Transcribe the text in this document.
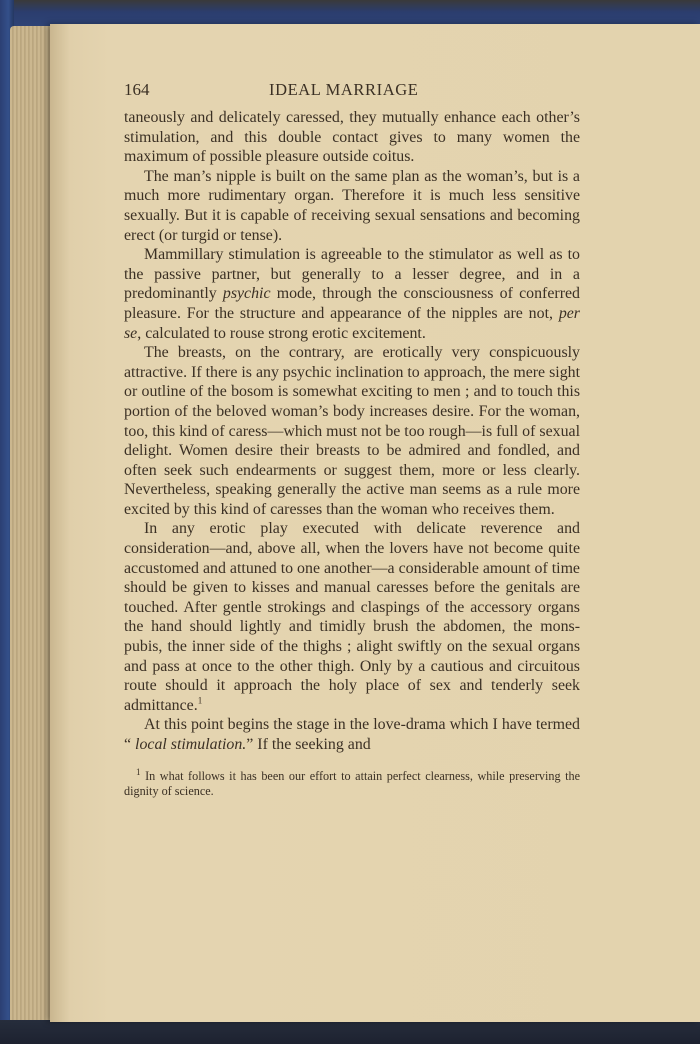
164	IDEAL MARRIAGE

taneously and delicately caressed, they mutually enhance each other’s stimulation, and this double contact gives to many women the maximum of possible pleasure outside coitus.

The man’s nipple is built on the same plan as the woman’s, but is a much more rudimentary organ. Therefore it is much less sensitive sexually. But it is capable of receiving sexual sensations and becoming erect (or turgid or tense).

Mammillary stimulation is agreeable to the stimulator as well as to the passive partner, but generally to a lesser degree, and in a predominantly psychic mode, through the consciousness of conferred pleasure. For the structure and appearance of the nipples are not, per se, calculated to rouse strong erotic excitement.

The breasts, on the contrary, are erotically very conspicuously attractive. If there is any psychic inclination to approach, the mere sight or outline of the bosom is somewhat exciting to men ; and to touch this portion of the beloved woman’s body increases desire. For the woman, too, this kind of caress—which must not be too rough—is full of sexual delight. Women desire their breasts to be admired and fondled, and often seek such endearments or suggest them, more or less clearly. Nevertheless, speaking generally the active man seems as a rule more excited by this kind of caresses than the woman who receives them.

In any erotic play executed with delicate reverence and consideration—and, above all, when the lovers have not become quite accustomed and attuned to one another—a considerable amount of time should be given to kisses and manual caresses before the genitals are touched. After gentle strokings and claspings of the accessory organs the hand should lightly and timidly brush the abdomen, the mons-pubis, the inner side of the thighs ; alight swiftly on the sexual organs and pass at once to the other thigh. Only by a cautious and circuitous route should it approach the holy place of sex and tenderly seek admittance.$^1$

At this point begins the stage in the love-drama which I have termed “ local stimulation.” If the seeking and

$^1$ In what follows it has been our effort to attain perfect clearness, while preserving the dignity of science.
